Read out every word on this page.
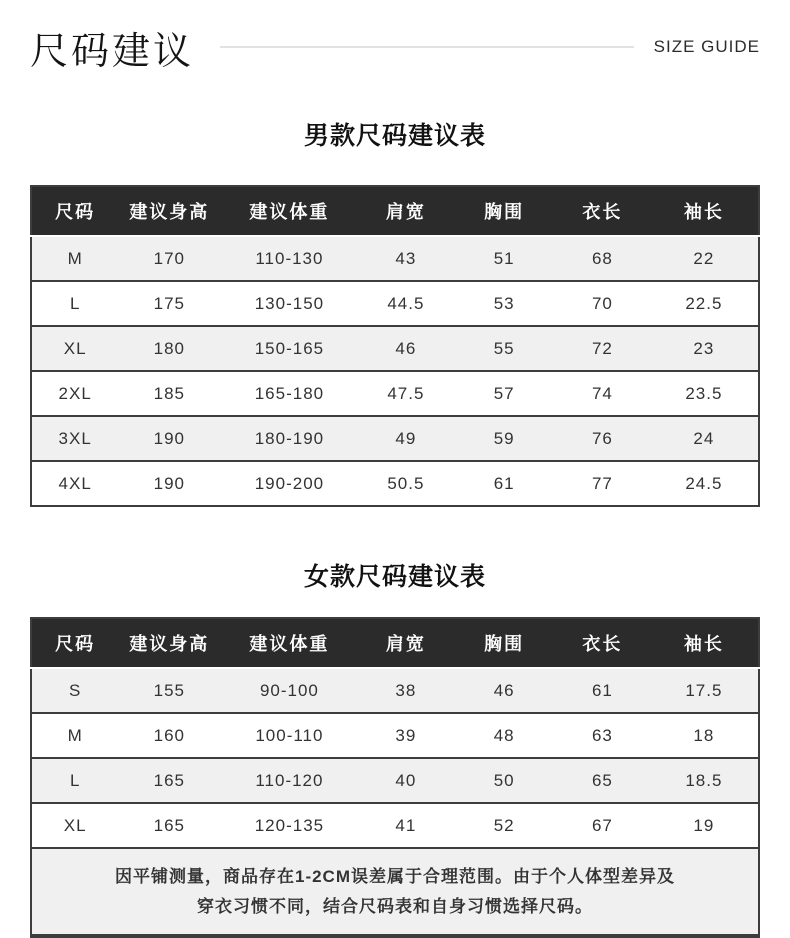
尺码建议	SIZE GUIDE
男款尺码建议表
尺码	建议身高	建议体重	肩宽	胸围	衣长	袖长
M	170	110-130	43	51	68	22
L	175	130-150	44.5	53	70	22.5
XL	180	150-165	46	55	72	23
2XL	185	165-180	47.5	57	74	23.5
3XL	190	180-190	49	59	76	24
4XL	190	190-200	50.5	61	77	24.5
女款尺码建议表
尺码	建议身高	建议体重	肩宽	胸围	衣长	袖长
S	155	90-100	38	46	61	17.5
M	160	100-110	39	48	63	18
L	165	110-120	40	50	65	18.5
XL	165	120-135	41	52	67	19
因平铺测量，商品存在1-2CM误差属于合理范围。由于个人体型差异及
穿衣习惯不同，结合尺码表和自身习惯选择尺码。
